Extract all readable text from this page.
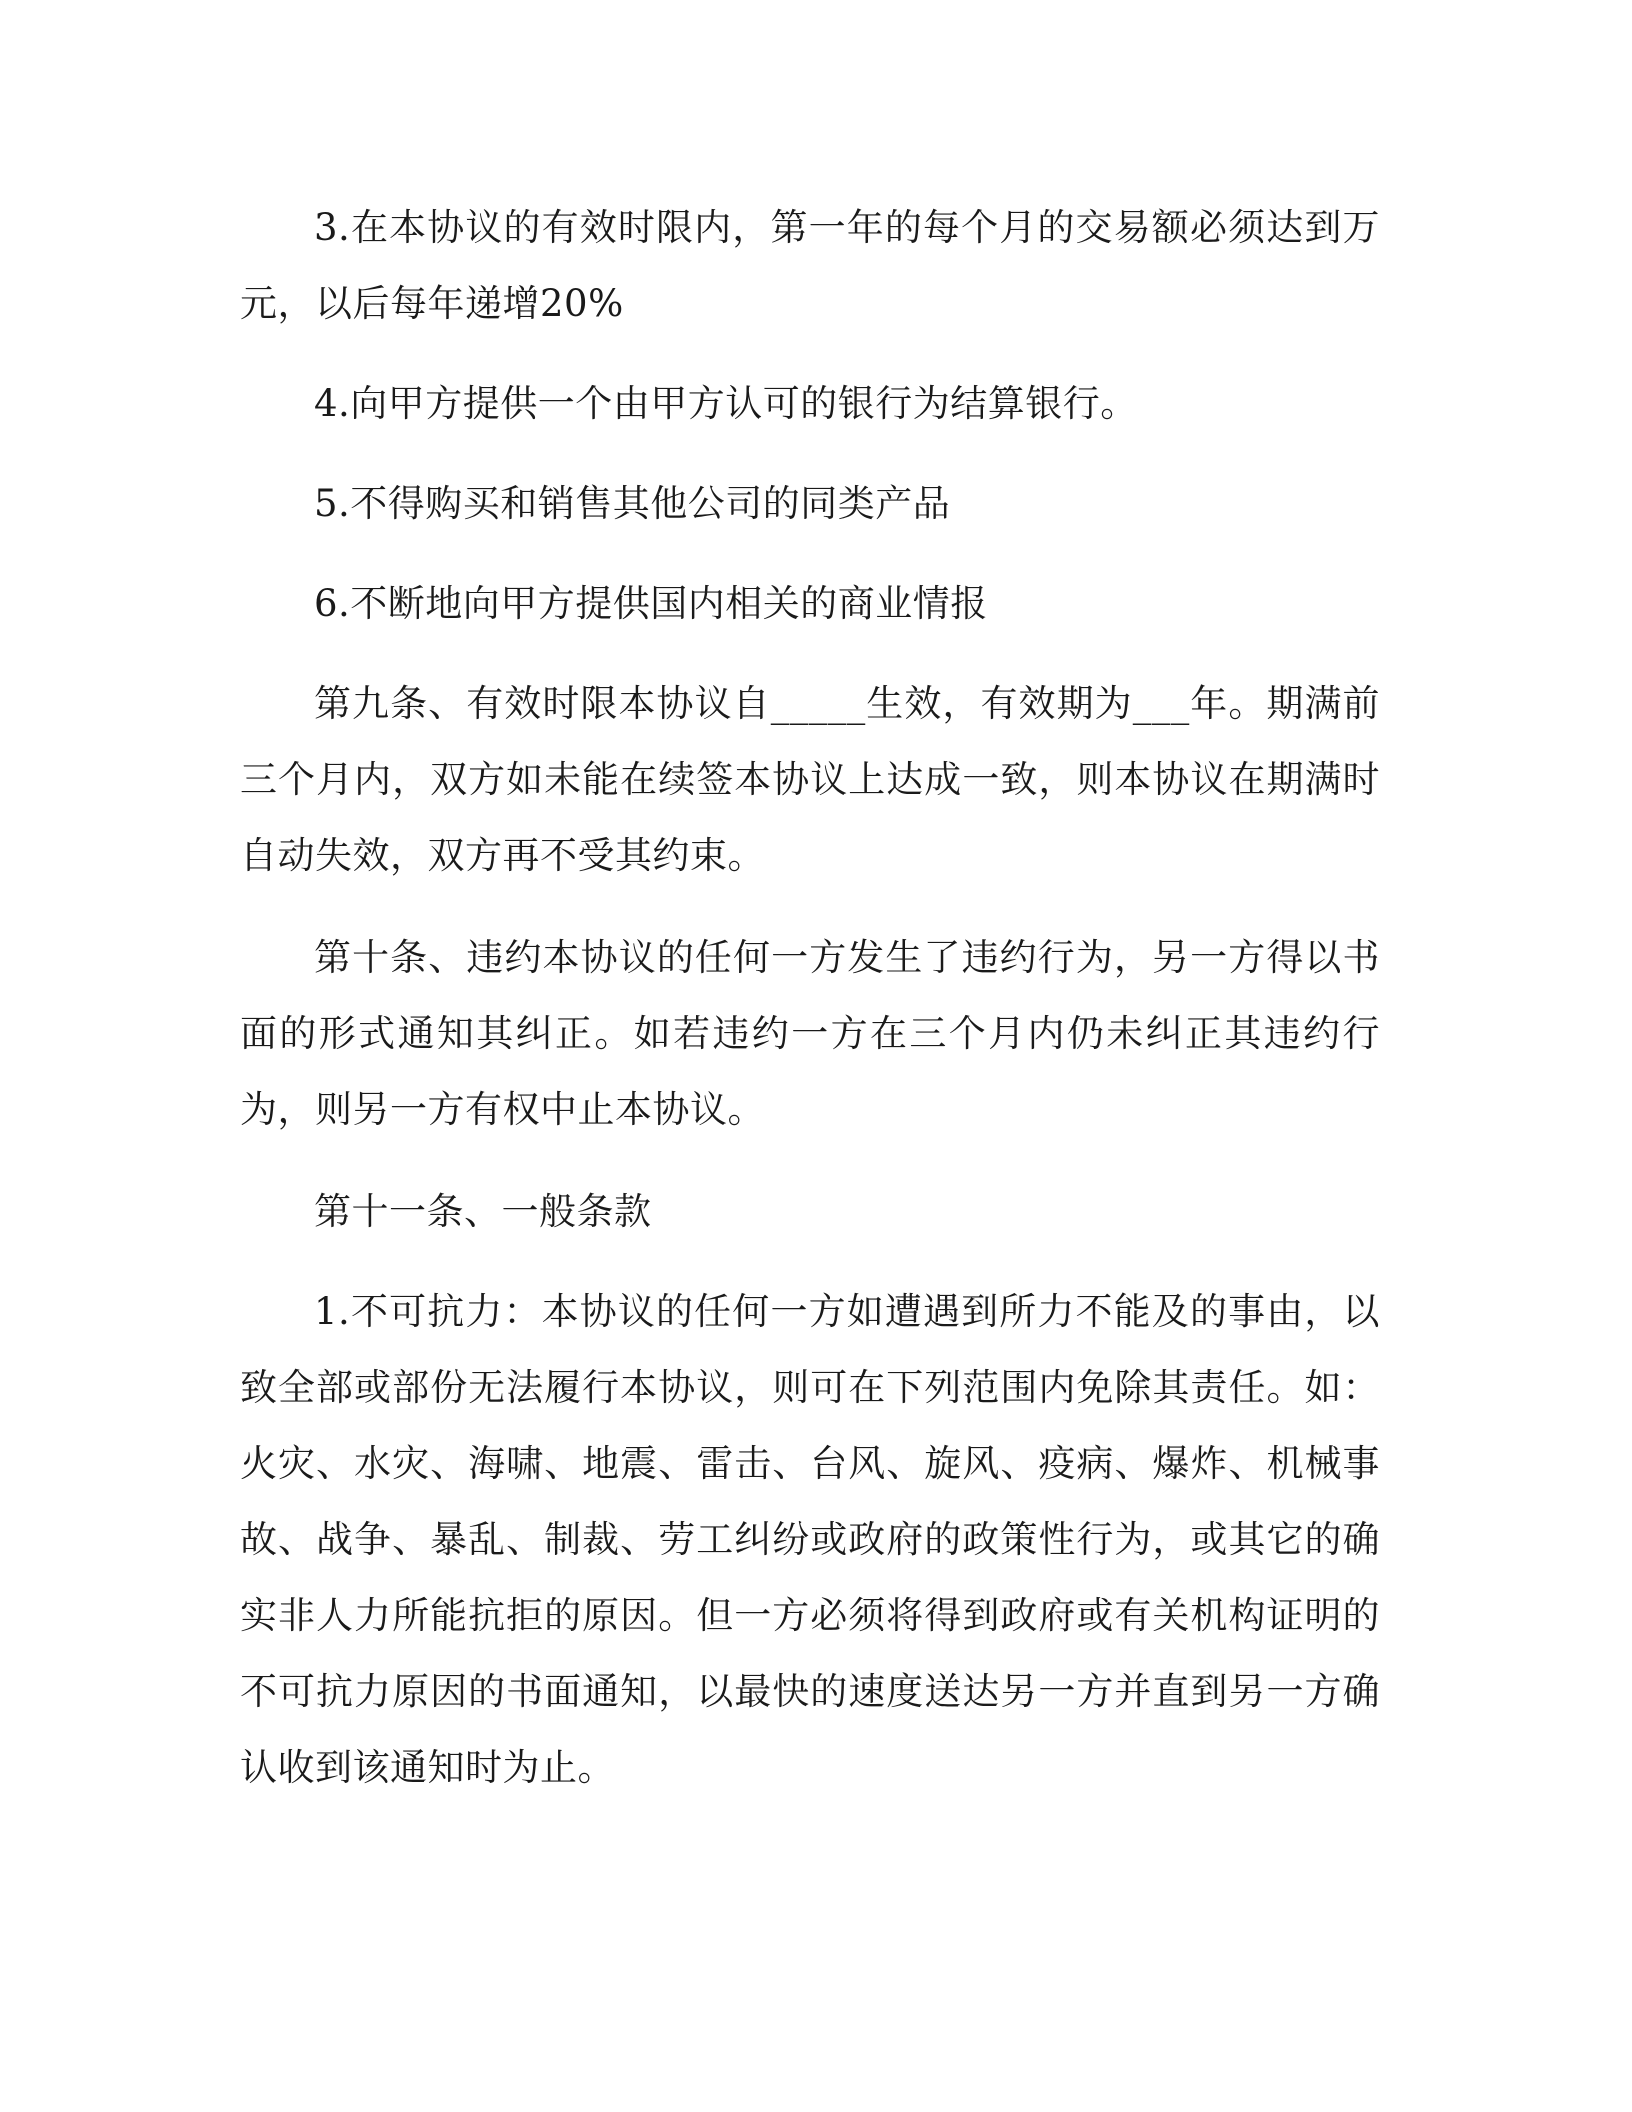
3.在本协议的有效时限内，第一年的每个月的交易额必须达到万元，以后每年递增20%

4.向甲方提供一个由甲方认可的银行为结算银行。

5.不得购买和销售其他公司的同类产品

6.不断地向甲方提供国内相关的商业情报

第九条、有效时限本协议自_____生效，有效期为___年。期满前三个月内，双方如未能在续签本协议上达成一致，则本协议在期满时自动失效，双方再不受其约束。

第十条、违约本协议的任何一方发生了违约行为，另一方得以书面的形式通知其纠正。如若违约一方在三个月内仍未纠正其违约行为，则另一方有权中止本协议。

第十一条、一般条款

1.不可抗力：本协议的任何一方如遭遇到所力不能及的事由，以致全部或部份无法履行本协议，则可在下列范围内免除其责任。如：火灾、水灾、海啸、地震、雷击、台风、旋风、疫病、爆炸、机械事故、战争、暴乱、制裁、劳工纠纷或政府的政策性行为，或其它的确实非人力所能抗拒的原因。但一方必须将得到政府或有关机构证明的不可抗力原因的书面通知，以最快的速度送达另一方并直到另一方确认收到该通知时为止。
